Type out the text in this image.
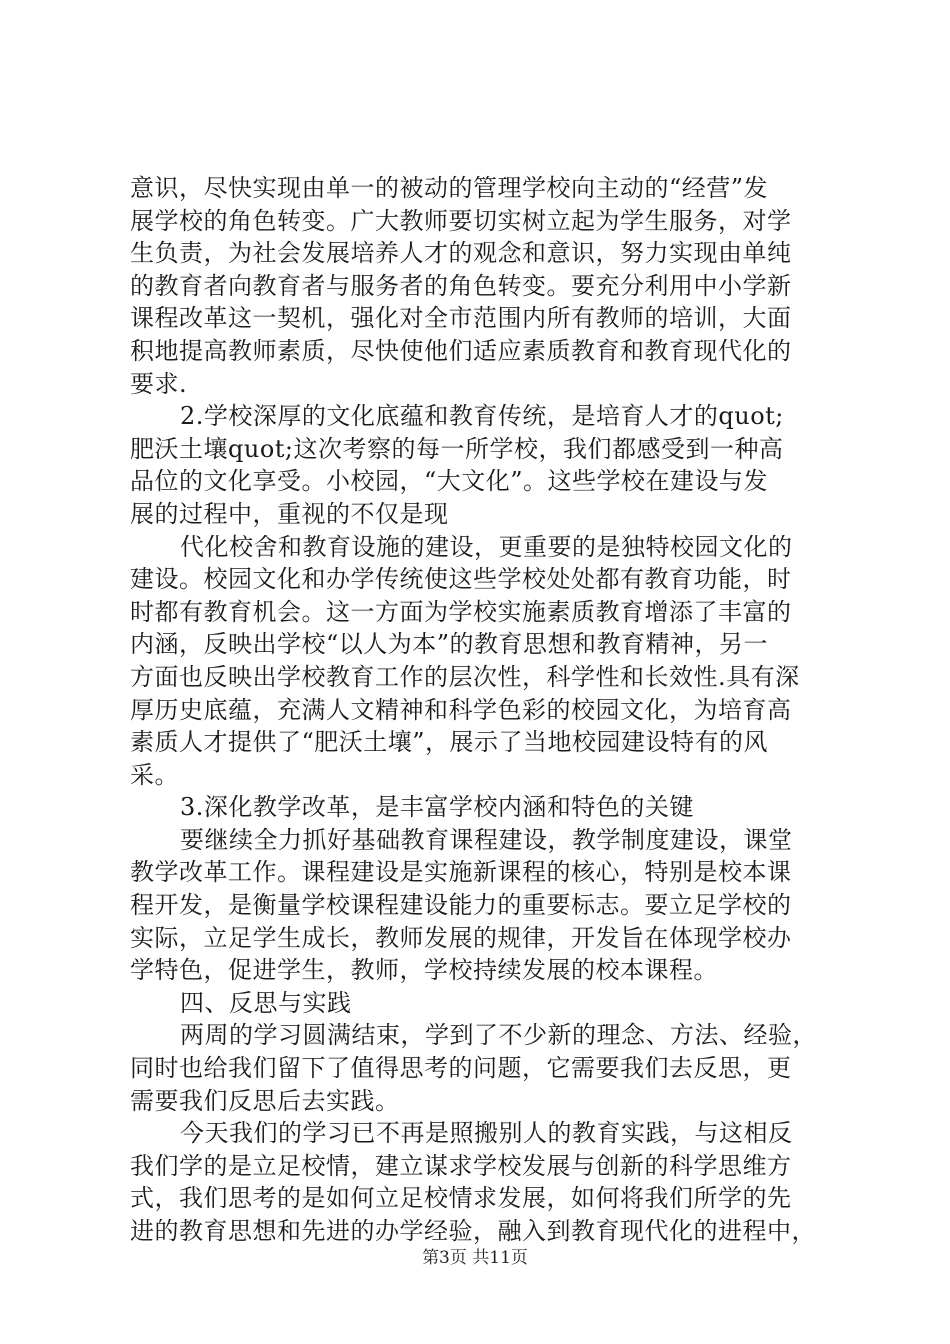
意识，尽快实现由单一的被动的管理学校向主动的“经营”发
展学校的角色转变。广大教师要切实树立起为学生服务，对学
生负责，为社会发展培养人才的观念和意识，努力实现由单纯
的教育者向教育者与服务者的角色转变。要充分利用中小学新
课程改革这一契机，强化对全市范围内所有教师的培训，大面
积地提高教师素质，尽快使他们适应素质教育和教育现代化的
要求.
2.学校深厚的文化底蕴和教育传统，是培育人才的quot;
肥沃土壤quot;这次考察的每一所学校，我们都感受到一种高
品位的文化享受。小校园，“大文化”。这些学校在建设与发
展的过程中，重视的不仅是现
代化校舍和教育设施的建设，更重要的是独特校园文化的
建设。校园文化和办学传统使这些学校处处都有教育功能，时
时都有教育机会。这一方面为学校实施素质教育增添了丰富的
内涵，反映出学校“以人为本”的教育思想和教育精神，另一
方面也反映出学校教育工作的层次性，科学性和长效性.具有深
厚历史底蕴，充满人文精神和科学色彩的校园文化，为培育高
素质人才提供了“肥沃土壤”，展示了当地校园建设特有的风
采。
3.深化教学改革，是丰富学校内涵和特色的关键
要继续全力抓好基础教育课程建设，教学制度建设，课堂
教学改革工作。课程建设是实施新课程的核心，特别是校本课
程开发，是衡量学校课程建设能力的重要标志。要立足学校的
实际，立足学生成长，教师发展的规律，开发旨在体现学校办
学特色，促进学生，教师，学校持续发展的校本课程。
四、反思与实践
两周的学习圆满结束，学到了不少新的理念、方法、经验，
同时也给我们留下了值得思考的问题，它需要我们去反思，更
需要我们反思后去实践。
今天我们的学习已不再是照搬别人的教育实践，与这相反
我们学的是立足校情，建立谋求学校发展与创新的科学思维方
式，我们思考的是如何立足校情求发展，如何将我们所学的先
进的教育思想和先进的办学经验，融入到教育现代化的进程中，
第3页 共11页
